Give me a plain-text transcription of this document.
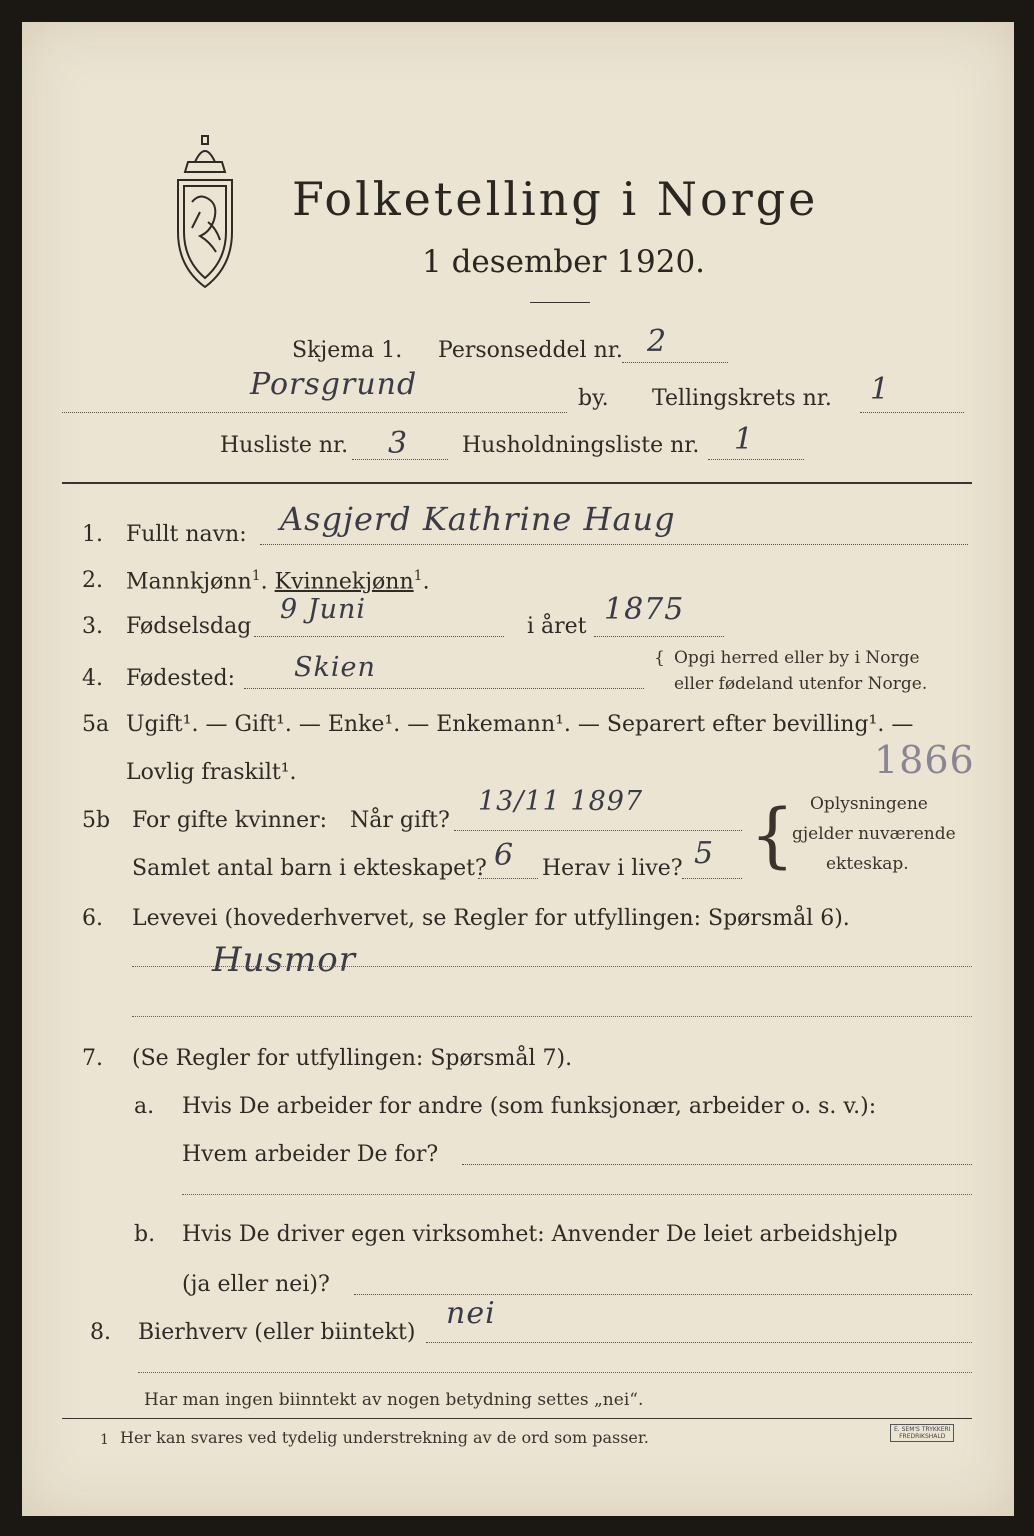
Folketelling i Norge
1 desember 1920.
Skjema 1. Personseddel nr. 2
Porsgrund	by. Tellingskrets nr. 1
Husliste nr. 3 Husholdningsliste nr. 1
1. Fullt navn: Asgjerd Kathrine Haug
2. Mannkjønn$^1$. Kvinnekjønn$^1$.
3. Fødselsdag
9 Juni
i året 1875
4. Fødested: Skien	{ Opgi herred eller by i Norge
eller fødeland utenfor Norge.
5a Ugift¹. — Gift¹. — Enke¹. — Enkemann¹. — Separert efter bevilling¹. —
Lovlig fraskilt¹.	1866
5b For gifte kvinner: Når gift?
13/11 1897
Samlet antal barn i ekteskapet? 6 Herav i live? 5 { Oplysningene
gjelder nuværende
ekteskap.
6. Levevei (hovederhvervet, se Regler for utfyllingen: Spørsmål 6).
Husmor
7. (Se Regler for utfyllingen: Spørsmål 7).
a. Hvis De arbeider for andre (som funksjonær, arbeider o. s. v.):
Hvem arbeider De for?
b. Hvis De driver egen virksomhet: Anvender De leiet arbeidshjelp
(ja eller nei)?
8. Bierhverv (eller biintekt)
nei
Har man ingen biinntekt av nogen betydning settes „nei“.
1 Her kan svares ved tydelig understrekning av de ord som passer.	E. SEM'S TRYKKERI
FREDRIKSHALD
